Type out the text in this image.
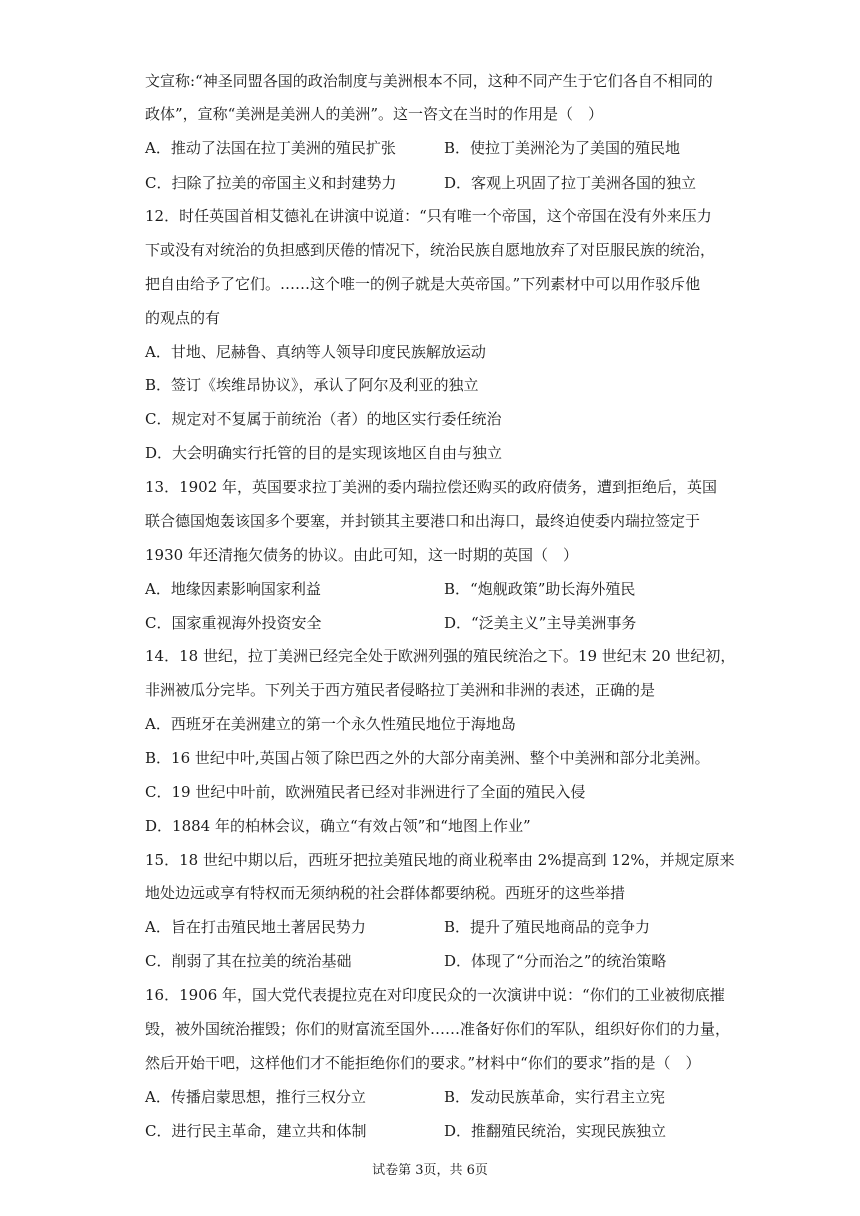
文宣称:“神圣同盟各国的政治制度与美洲根本不同，这种不同产生于它们各自不相同的
政体”，宣称“美洲是美洲人的美洲”。这一咨文在当时的作用是（　）
A．推动了法国在拉丁美洲的殖民扩张	B．使拉丁美洲沦为了美国的殖民地
C．扫除了拉美的帝国主义和封建势力	D．客观上巩固了拉丁美洲各国的独立
12．时任英国首相艾德礼在讲演中说道：“只有唯一个帝国，这个帝国在没有外来压力
下或没有对统治的负担感到厌倦的情况下，统治民族自愿地放弃了对臣服民族的统治，
把自由给予了它们。……这个唯一的例子就是大英帝国。”下列素材中可以用作驳斥他
的观点的有
A．甘地、尼赫鲁、真纳等人领导印度民族解放运动
B．签订《埃维昂协议》，承认了阿尔及利亚的独立
C．规定对不复属于前统治（者）的地区实行委任统治
D．大会明确实行托管的目的是实现该地区自由与独立
13．1902 年，英国要求拉丁美洲的委内瑞拉偿还购买的政府债务，遭到拒绝后，英国
联合德国炮轰该国多个要塞，并封锁其主要港口和出海口，最终迫使委内瑞拉签定于
1930 年还清拖欠债务的协议。由此可知，这一时期的英国（　）
A．地缘因素影响国家利益	B．“炮舰政策”助长海外殖民
C．国家重视海外投资安全	D．“泛美主义”主导美洲事务
14．18 世纪，拉丁美洲已经完全处于欧洲列强的殖民统治之下。19 世纪末 20 世纪初，
非洲被瓜分完毕。下列关于西方殖民者侵略拉丁美洲和非洲的表述，正确的是
A．西班牙在美洲建立的第一个永久性殖民地位于海地岛
B．16 世纪中叶,英国占领了除巴西之外的大部分南美洲、整个中美洲和部分北美洲。
C．19 世纪中叶前，欧洲殖民者已经对非洲进行了全面的殖民入侵
D．1884 年的柏林会议，确立“有效占领”和“地图上作业”
15．18 世纪中期以后，西班牙把拉美殖民地的商业税率由 2%提高到 12%，并规定原来
地处边远或享有特权而无须纳税的社会群体都要纳税。西班牙的这些举措
A．旨在打击殖民地土著居民势力	B．提升了殖民地商品的竞争力
C．削弱了其在拉美的统治基础	D．体现了“分而治之”的统治策略
16．1906 年，国大党代表提拉克在对印度民众的一次演讲中说：“你们的工业被彻底摧
毁，被外国统治摧毁；你们的财富流至国外……准备好你们的军队，组织好你们的力量，
然后开始干吧，这样他们才不能拒绝你们的要求。”材料中“你们的要求”指的是（　）
A．传播启蒙思想，推行三权分立	B．发动民族革命，实行君主立宪
C．进行民主革命，建立共和体制	D．推翻殖民统治，实现民族独立
试卷第 3页，共 6页
